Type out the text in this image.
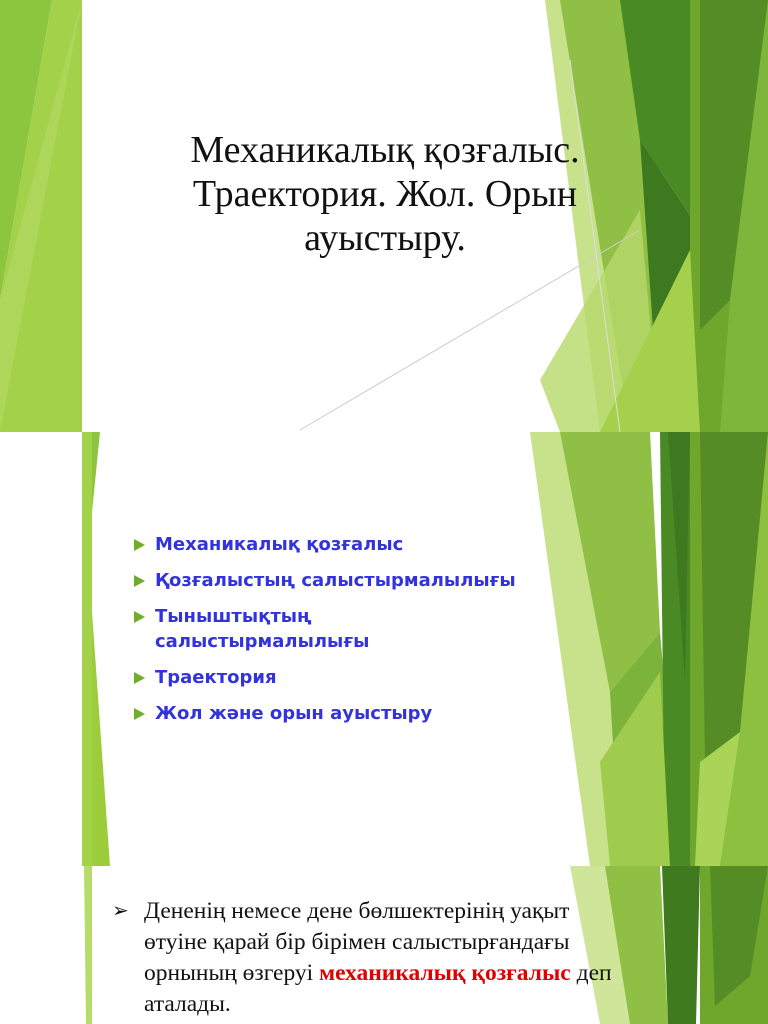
Механикалық қозғалыс.
Траектория. Жол. Орын
ауыстыру.
Механикалық қозғалыс
Қозғалыстың салыстырмалылығы
Тыныштықтың салыстырмалылығы
Траектория
Жол және орын ауыстыру
➢ Дененің немесе дене бөлшектерінің уақыт өтуіне қарай бір бірімен салыстырғандағы орнының өзгеруі механикалық қозғалыс деп аталады.
